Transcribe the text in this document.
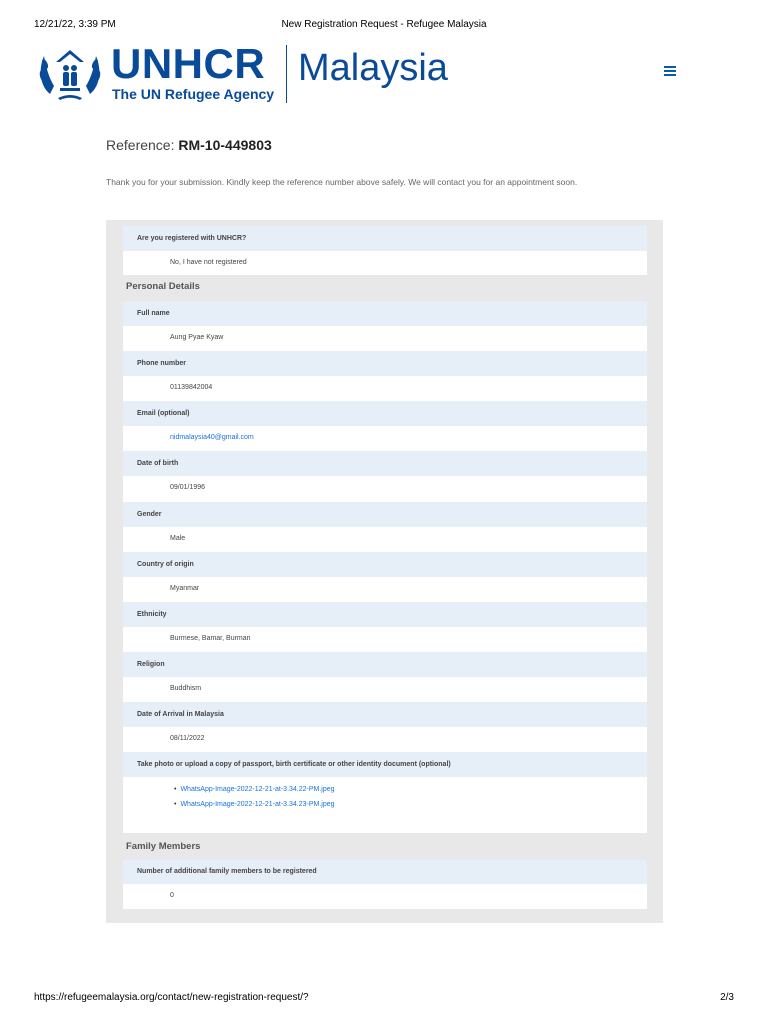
12/21/22, 3:39 PM	New Registration Request - Refugee Malaysia
UNHCR
The UN Refugee Agency
Malaysia
Reference: RM-10-449803
Thank you for your submission. Kindly keep the reference number above safely. We will contact you for an appointment soon.
Are you registered with UNHCR?
No, I have not registered
Personal Details
Full name
Aung Pyae Kyaw
Phone number
01139842004
Email (optional)
nidmalaysia40@gmail.com
Date of birth
09/01/1996
Gender
Male
Country of origin
Myanmar
Ethnicity
Burmese, Bamar, Burman
Religion
Buddhism
Date of Arrival in Malaysia
08/11/2022
Take photo or upload a copy of passport, birth certificate or other identity document (optional)
• WhatsApp-Image-2022-12-21-at-3.34.22-PM.jpeg
• WhatsApp-Image-2022-12-21-at-3.34.23-PM.jpeg
Family Members
Number of additional family members to be registered
0
https://refugeemalaysia.org/contact/new-registration-request/?	2/3
